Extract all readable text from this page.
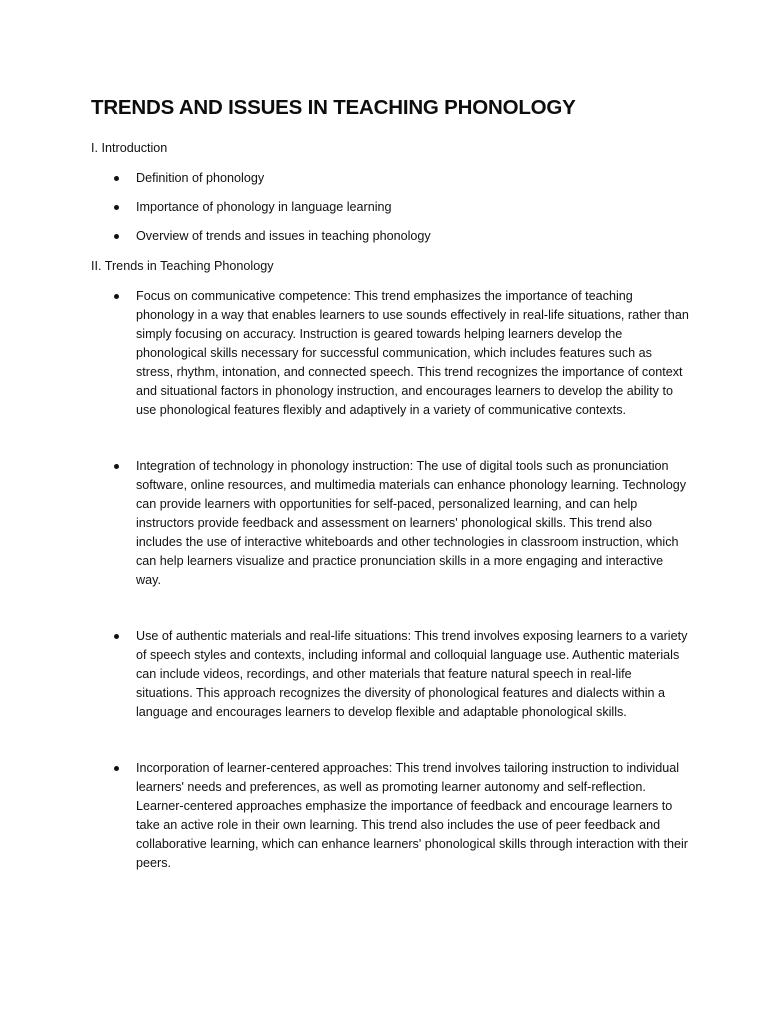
TRENDS AND ISSUES IN TEACHING PHONOLOGY

I. Introduction

Definition of phonology
Importance of phonology in language learning
Overview of trends and issues in teaching phonology

II. Trends in Teaching Phonology

Focus on communicative competence: This trend emphasizes the importance of teaching phonology in a way that enables learners to use sounds effectively in real-life situations, rather than simply focusing on accuracy. Instruction is geared towards helping learners develop the phonological skills necessary for successful communication, which includes features such as stress, rhythm, intonation, and connected speech. This trend recognizes the importance of context and situational factors in phonology instruction, and encourages learners to develop the ability to use phonological features flexibly and adaptively in a variety of communicative contexts.
Integration of technology in phonology instruction: The use of digital tools such as pronunciation software, online resources, and multimedia materials can enhance phonology learning. Technology can provide learners with opportunities for self-paced, personalized learning, and can help instructors provide feedback and assessment on learners' phonological skills. This trend also includes the use of interactive whiteboards and other technologies in classroom instruction, which can help learners visualize and practice pronunciation skills in a more engaging and interactive way.
Use of authentic materials and real-life situations: This trend involves exposing learners to a variety of speech styles and contexts, including informal and colloquial language use. Authentic materials can include videos, recordings, and other materials that feature natural speech in real-life situations. This approach recognizes the diversity of phonological features and dialects within a language and encourages learners to develop flexible and adaptable phonological skills.
Incorporation of learner-centered approaches: This trend involves tailoring instruction to individual learners' needs and preferences, as well as promoting learner autonomy and self-reflection. Learner-centered approaches emphasize the importance of feedback and encourage learners to take an active role in their own learning. This trend also includes the use of peer feedback and collaborative learning, which can enhance learners' phonological skills through interaction with their peers.
